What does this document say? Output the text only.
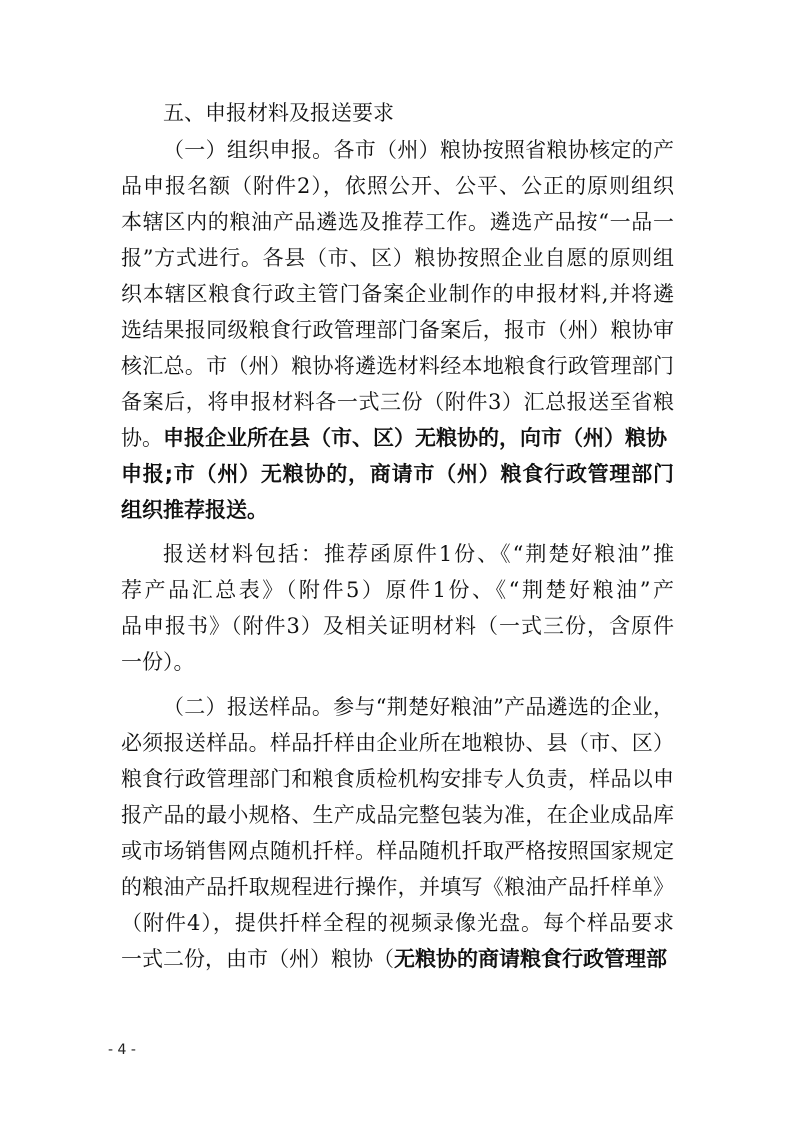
五、申报材料及报送要求
（一）组织申报。各市（州）粮协按照省粮协核定的产
品申报名额（附件2），依照公开、公平、公正的原则组织
本辖区内的粮油产品遴选及推荐工作。遴选产品按“一品一
报”方式进行。各县（市、区）粮协按照企业自愿的原则组
织本辖区粮食行政主管门备案企业制作的申报材料,并将遴
选结果报同级粮食行政管理部门备案后，报市（州）粮协审
核汇总。市（州）粮协将遴选材料经本地粮食行政管理部门
备案后，将申报材料各一式三份（附件3）汇总报送至省粮
协。申报企业所在县（市、区）无粮协的，向市（州）粮协
申报;市（州）无粮协的，商请市（州）粮食行政管理部门
组织推荐报送。
报送材料包括：推荐函原件1份、《“荆楚好粮油”推
荐产品汇总表》（附件5）原件1份、《“荆楚好粮油”产
品申报书》（附件3）及相关证明材料（一式三份，含原件
一份）。
（二）报送样品。参与“荆楚好粮油”产品遴选的企业，
必须报送样品。样品扦样由企业所在地粮协、县（市、区）
粮食行政管理部门和粮食质检机构安排专人负责，样品以申
报产品的最小规格、生产成品完整包装为准，在企业成品库
或市场销售网点随机扦样。样品随机扦取严格按照国家规定
的粮油产品扦取规程进行操作，并填写《粮油产品扦样单》
（附件4），提供扦样全程的视频录像光盘。每个样品要求
一式二份，由市（州）粮协（无粮协的商请粮食行政管理部
- 4 -
